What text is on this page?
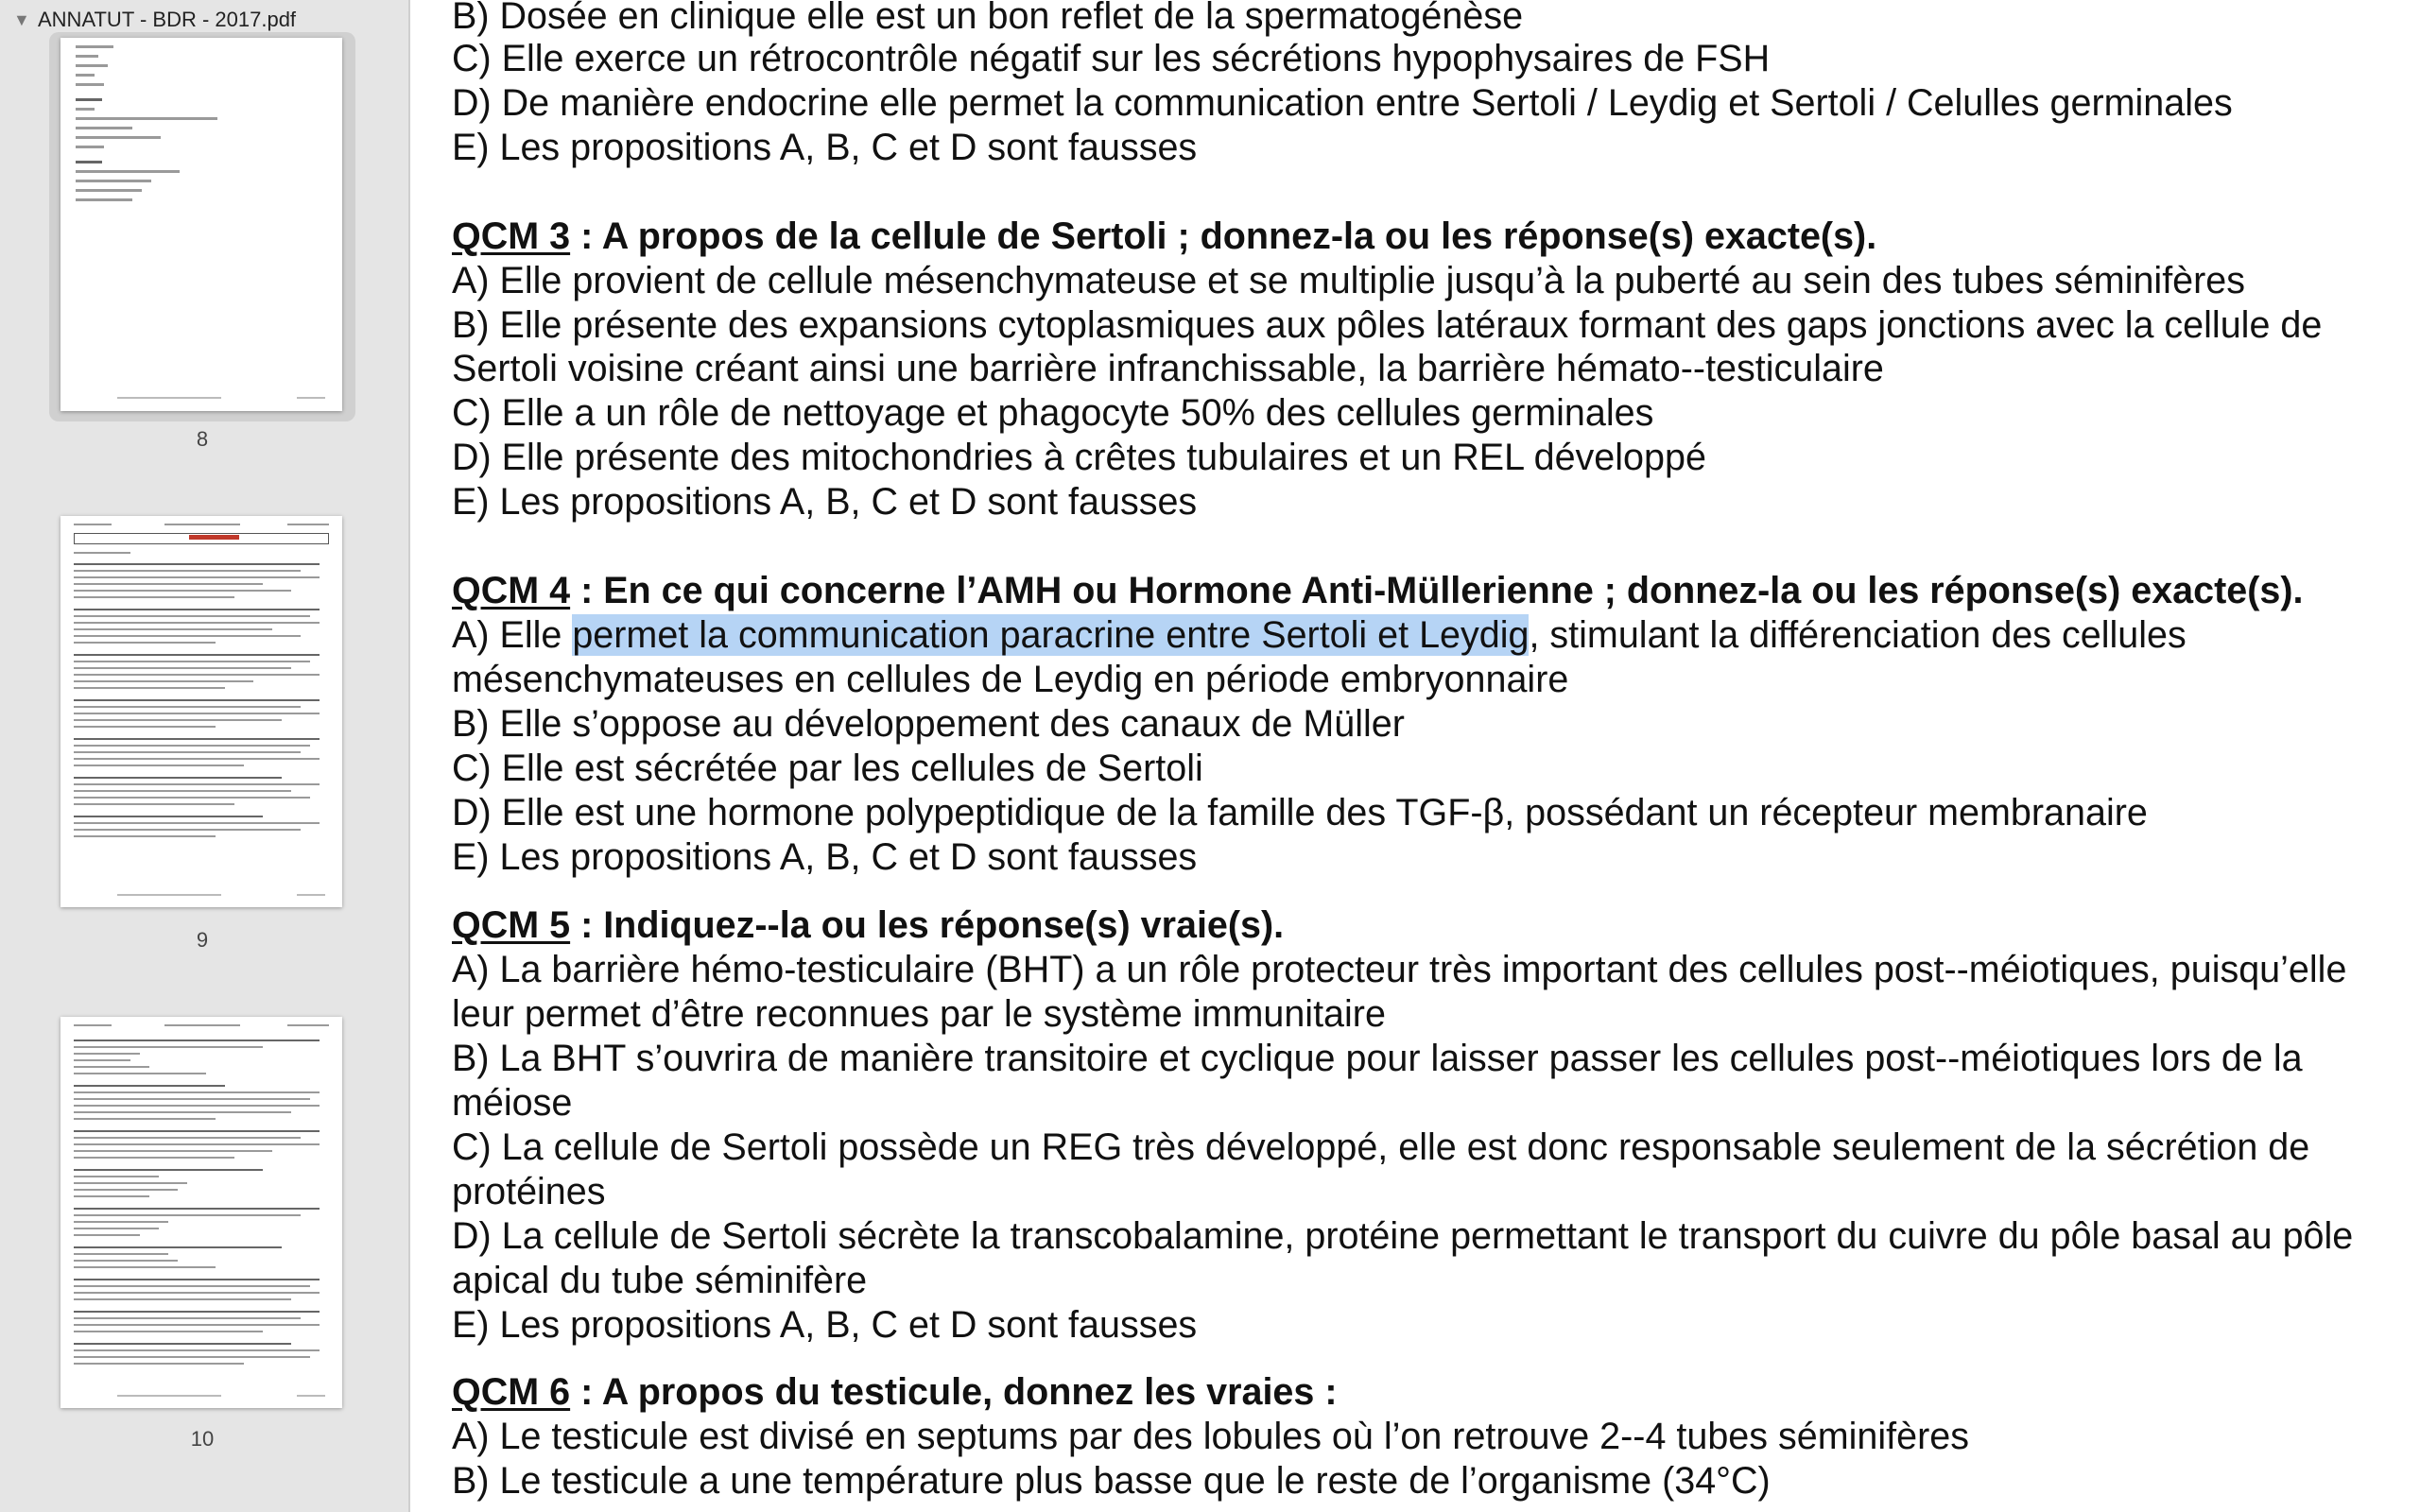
▼ ANNATUT - BDR - 2017.pdf
8
9
10
B) Dosée en clinique elle est un bon reflet de la spermatogénèse
C) Elle exerce un rétrocontrôle négatif sur les sécrétions hypophysaires de FSH
D) De manière endocrine elle permet la communication entre Sertoli / Leydig et Sertoli / Celulles germinales
E) Les propositions A, B, C et D sont fausses
QCM 3 : A propos de la cellule de Sertoli ; donnez-la ou les réponse(s) exacte(s).
A) Elle provient de cellule mésenchymateuse et se multiplie jusqu’à la puberté au sein des tubes séminifères
B) Elle présente des expansions cytoplasmiques aux pôles latéraux formant des gaps jonctions avec la cellule de
Sertoli voisine créant ainsi une barrière infranchissable, la barrière hémato--testiculaire
C) Elle a un rôle de nettoyage et phagocyte 50% des cellules germinales
D) Elle présente des mitochondries à crêtes tubulaires et un REL développé
E) Les propositions A, B, C et D sont fausses
QCM 4 : En ce qui concerne l’AMH ou Hormone Anti-Müllerienne ; donnez-la ou les réponse(s) exacte(s).
A) Elle permet la communication paracrine entre Sertoli et Leydig, stimulant la différenciation des cellules
mésenchymateuses en cellules de Leydig en période embryonnaire
B) Elle s’oppose au développement des canaux de Müller
C) Elle est sécrétée par les cellules de Sertoli
D) Elle est une hormone polypeptidique de la famille des TGF-β, possédant un récepteur membranaire
E) Les propositions A, B, C et D sont fausses
QCM 5 : Indiquez--la ou les réponse(s) vraie(s).
A) La barrière hémo-testiculaire (BHT) a un rôle protecteur très important des cellules post--méiotiques, puisqu’elle
leur permet d’être reconnues par le système immunitaire
B) La BHT s’ouvrira de manière transitoire et cyclique pour laisser passer les cellules post--méiotiques lors de la
méiose
C) La cellule de Sertoli possède un REG très développé, elle est donc responsable seulement de la sécrétion de
protéines
D) La cellule de Sertoli sécrète la transcobalamine, protéine permettant le transport du cuivre du pôle basal au pôle
apical du tube séminifère
E) Les propositions A, B, C et D sont fausses
QCM 6 : A propos du testicule, donnez les vraies :
A) Le testicule est divisé en septums par des lobules où l’on retrouve 2--4 tubes séminifères
B) Le testicule a une température plus basse que le reste de l’organisme (34°C)
